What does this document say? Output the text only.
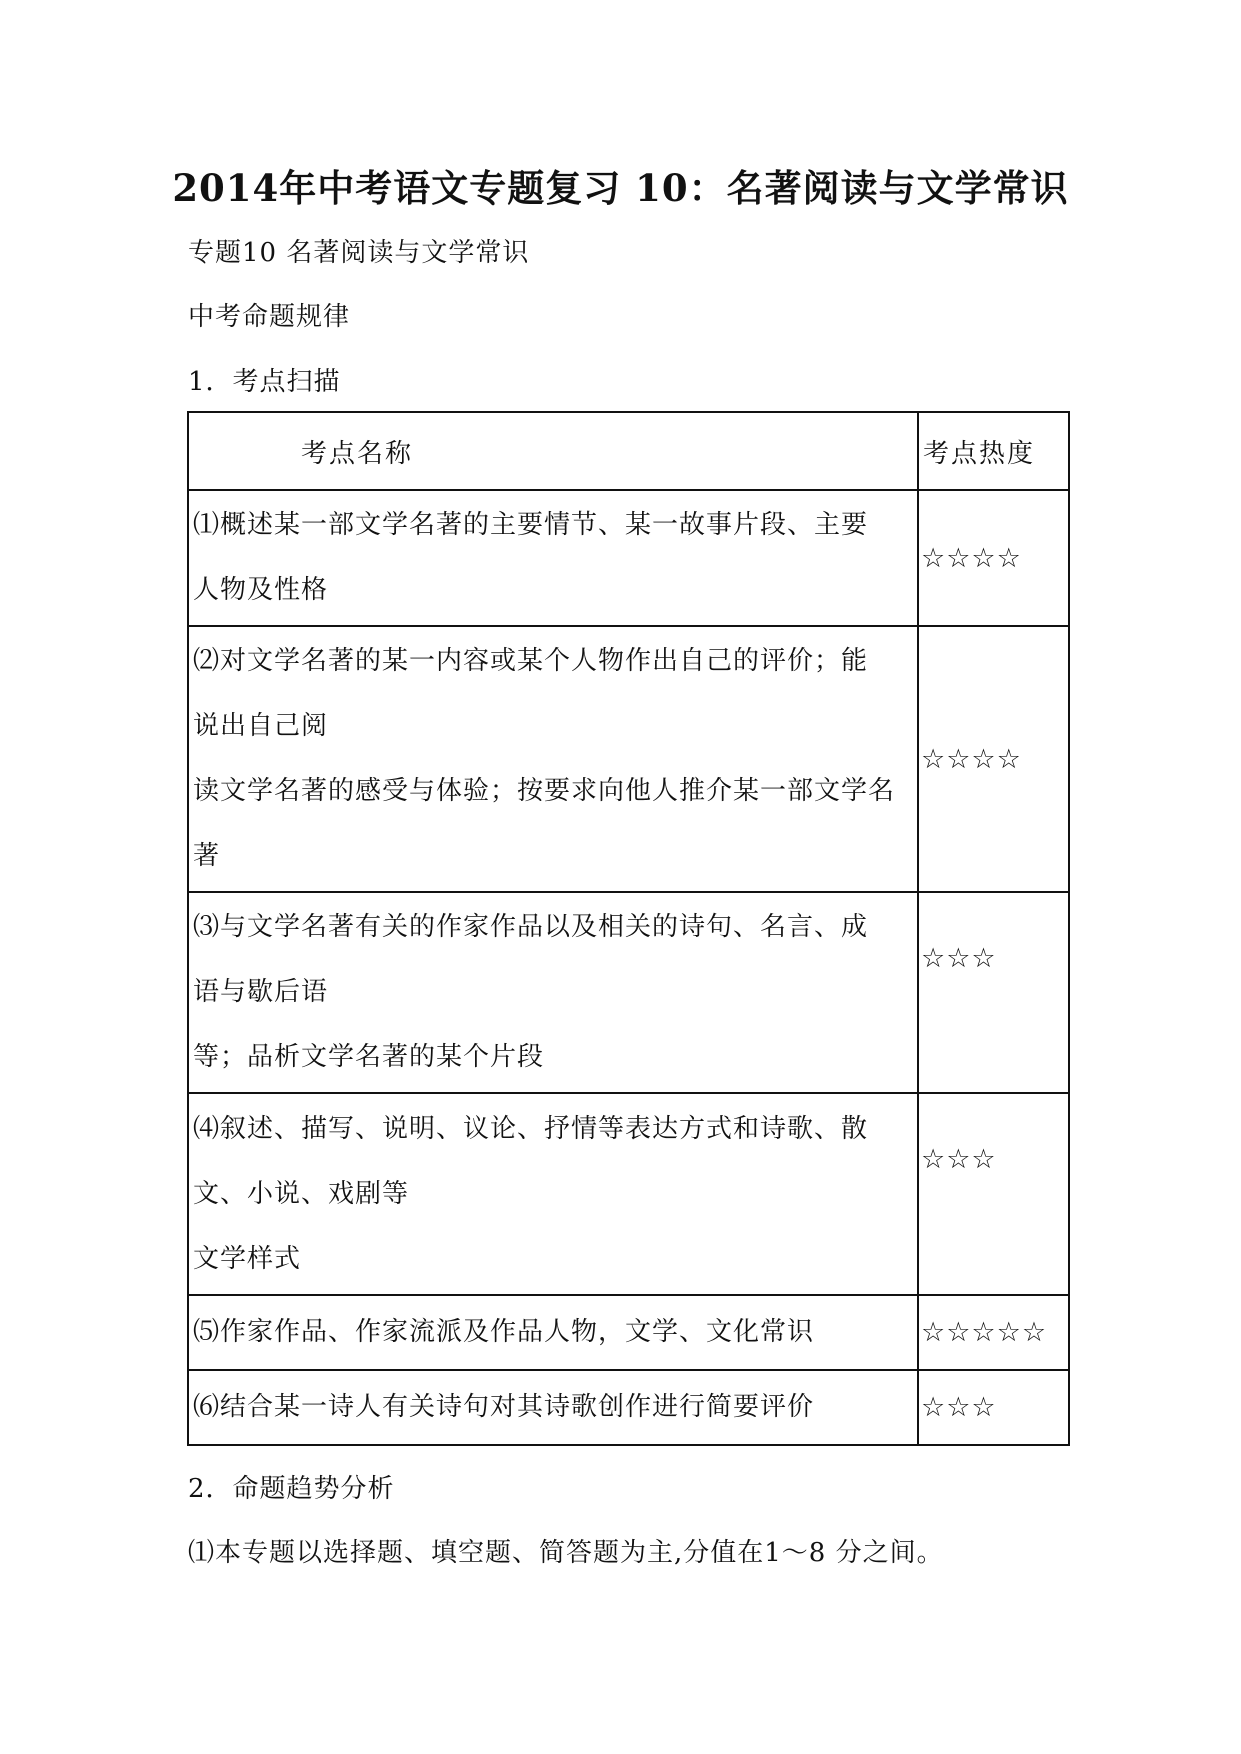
2014年中考语文专题复习 10：名著阅读与文学常识
专题10 名著阅读与文学常识
中考命题规律
1．考点扫描
考点名称	考点热度

⑴概述某一部文学名著的主要情节、某一故事片段、主要
人物及性格	☆☆☆☆

⑵对文学名著的某一内容或某个人物作出自己的评价；能
说出自己阅
读文学名著的感受与体验；按要求向他人推介某一部文学名
著	☆☆☆☆

⑶与文学名著有关的作家作品以及相关的诗句、名言、成
语与歇后语
等；品析文学名著的某个片段	☆☆☆

⑷叙述、描写、说明、议论、抒情等表达方式和诗歌、散
文、小说、戏剧等
文学样式	☆☆☆

⑸作家作品、作家流派及作品人物，文学、文化常识	☆☆☆☆☆

⑹结合某一诗人有关诗句对其诗歌创作进行简要评价	☆☆☆
2．命题趋势分析
⑴本专题以选择题、填空题、简答题为主,分值在1～8 分之间。
